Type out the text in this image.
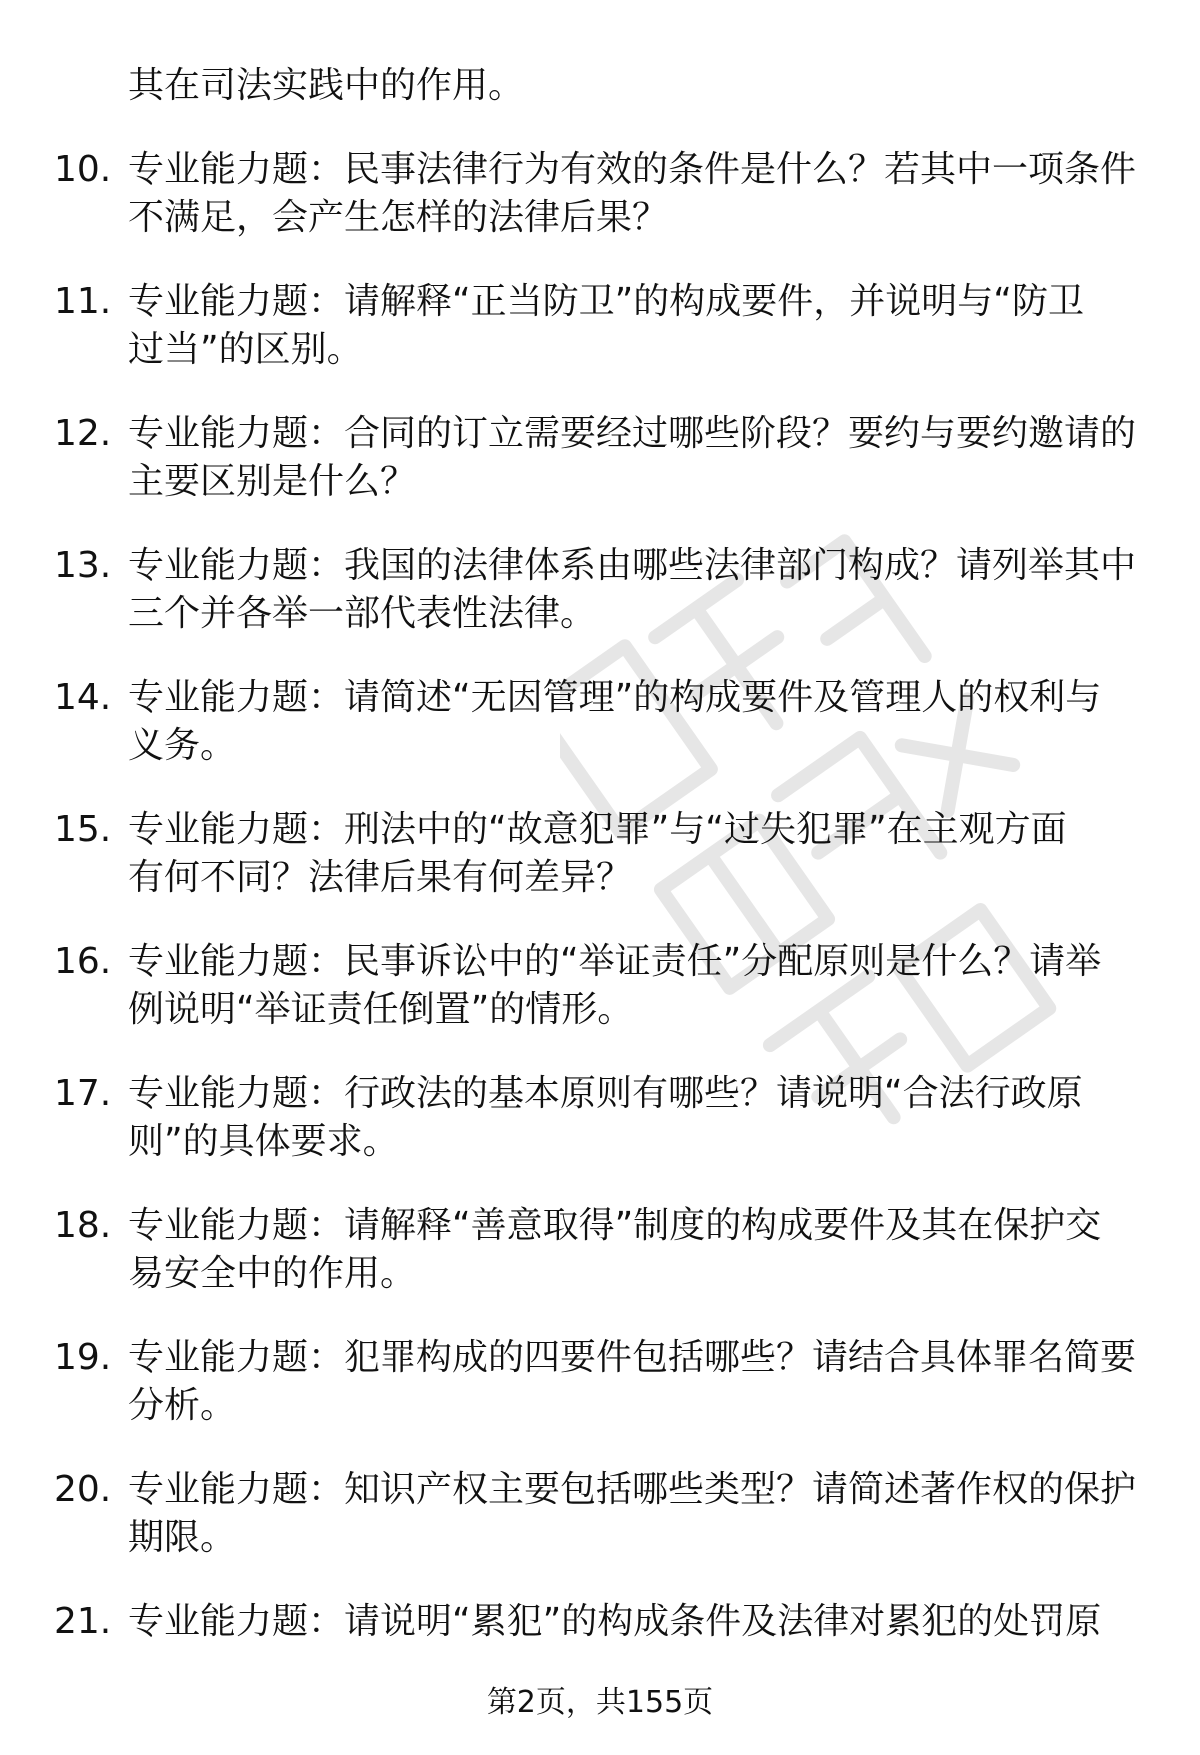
其在司法实践中的作用。
10. 专业能力题：民事法律行为有效的条件是什么？若其中一项条件
不满足，会产生怎样的法律后果？
11. 专业能力题：请解释“正当防卫”的构成要件，并说明与“防卫
过当”的区别。
12. 专业能力题：合同的订立需要经过哪些阶段？要约与要约邀请的
主要区别是什么？
13. 专业能力题：我国的法律体系由哪些法律部门构成？请列举其中
三个并各举一部代表性法律。
14. 专业能力题：请简述“无因管理”的构成要件及管理人的权利与
义务。
15. 专业能力题：刑法中的“故意犯罪”与“过失犯罪”在主观方面
有何不同？法律后果有何差异？
16. 专业能力题：民事诉讼中的“举证责任”分配原则是什么？请举
例说明“举证责任倒置”的情形。
17. 专业能力题：行政法的基本原则有哪些？请说明“合法行政原
则”的具体要求。
18. 专业能力题：请解释“善意取得”制度的构成要件及其在保护交
易安全中的作用。
19. 专业能力题：犯罪构成的四要件包括哪些？请结合具体罪名简要
分析。
20. 专业能力题：知识产权主要包括哪些类型？请简述著作权的保护
期限。
21. 专业能力题：请说明“累犯”的构成条件及法律对累犯的处罚原
第2页，共155页
